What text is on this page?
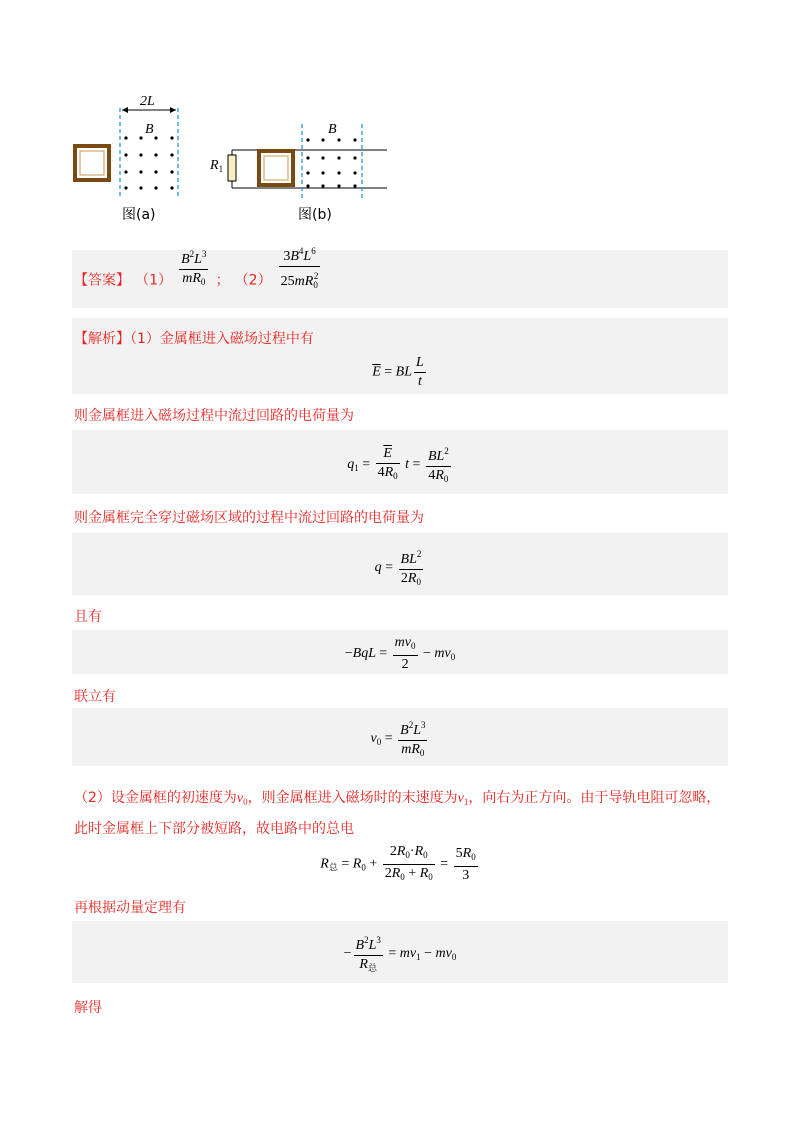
2L
B
图(a)
$R_1$
B
图(b)
【答案】 $(1) \frac{B^2L^3}{mR_0}$ ； $(2) \frac{3B^4L^6}{25mR_0^2}$
【解析】（1）金属框进入磁场过程中有
$\overline{E}$ = BL $\frac{L}{t}$
则金属框进入磁场过程中流过回路的电荷量为
$q_1 = \frac{\overline{E}}{4R_0}$ $t = \frac{BL^2}{4R_0}$
则金属框完全穿过磁场区域的过程中流过回路的电荷量为
$q = \frac{BL^2}{2R_0}$
且有
$-BqL = \frac{mv_0}{2} - mv_0$
联立有
$v_0 = \frac{B^2L^3}{mR_0}$
（2）设金属框的初速度为$v_0$，则金属框进入磁场时的末速度为$v_1$，向右为正方向。由于导轨电阻可忽略，
此时金属框上下部分被短路，故电路中的总电
$R_总 = R_0 + \frac{2R_0\cdot R_0}{2R_0 + R_0} = \frac{5R_0}{3}$
再根据动量定理有
− $\frac{B^2L^3}{R_总} = mv_1 - mv_0$
解得
